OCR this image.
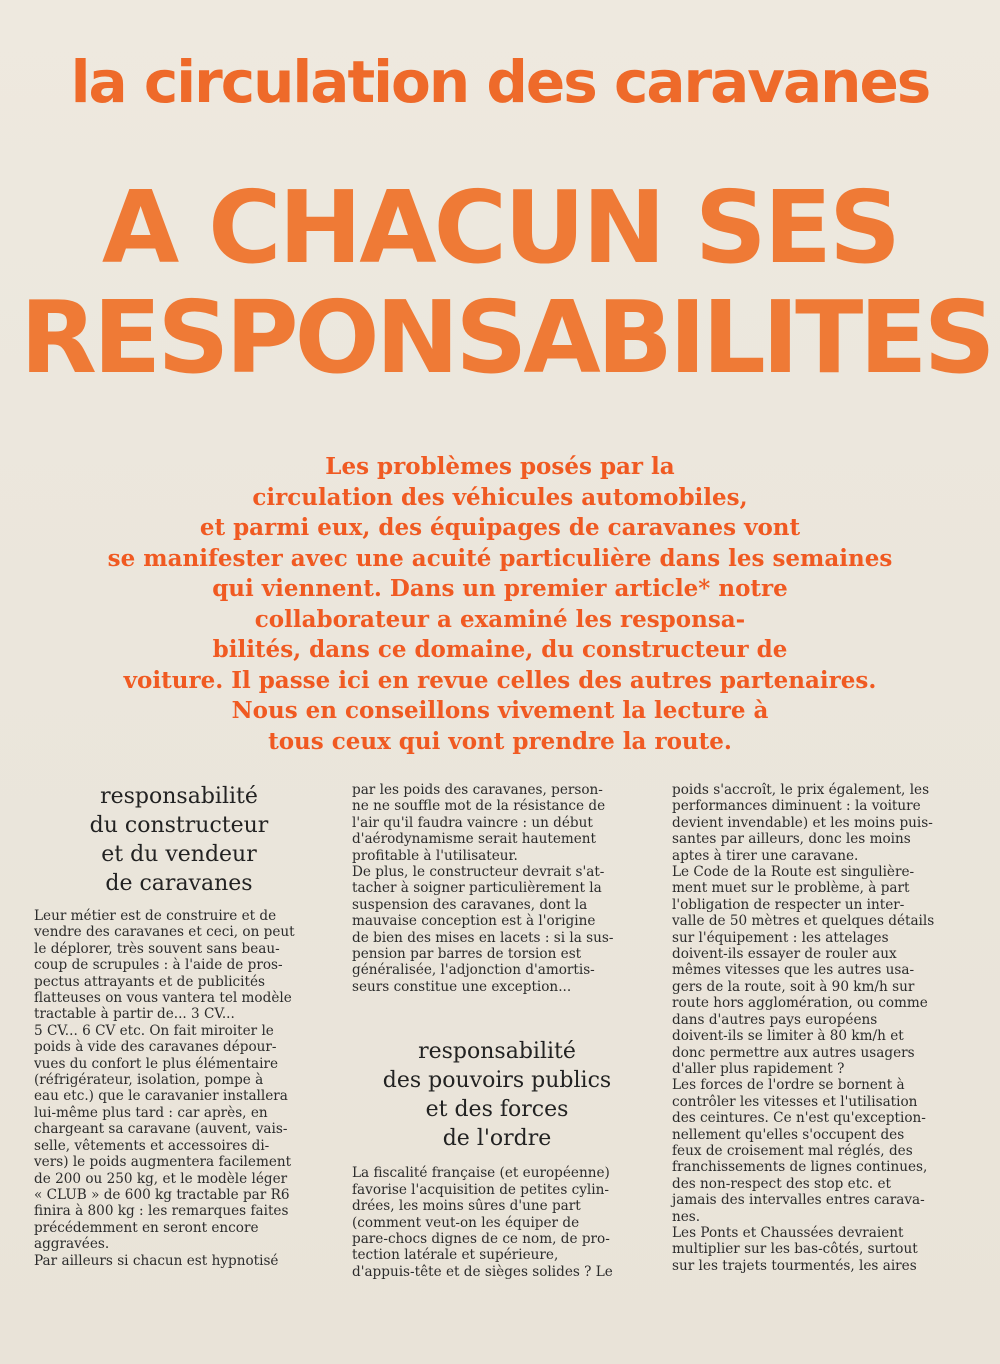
la circulation des caravanes
A CHACUN SES
RESPONSABILITES

Les problèmes posés par la

circulation des véhicules automobiles,

et parmi eux, des équipages de caravanes vont

se manifester avec une acuité particulière dans les semaines

qui viennent. Dans un premier article* notre

collaborateur a examiné les responsa-

bilités, dans ce domaine, du constructeur de

voiture. Il passe ici en revue celles des autres partenaires.

Nous en conseillons vivement la lecture à

tous ceux qui vont prendre la route.

responsabilité
du constructeur
et du vendeur
de caravanes

Leur métier est de construire et de

vendre des caravanes et ceci, on peut

le déplorer, très souvent sans beau-

coup de scrupules : à l'aide de pros-

pectus attrayants et de publicités

flatteuses on vous vantera tel modèle

tractable à partir de... 3 CV...

5 CV... 6 CV etc. On fait miroiter le

poids à vide des caravanes dépour-

vues du confort le plus élémentaire

(réfrigérateur, isolation, pompe à

eau etc.) que le caravanier installera

lui-même plus tard : car après, en

chargeant sa caravane (auvent, vais-

selle, vêtements et accessoires di-

vers) le poids augmentera facilement

de 200 ou 250 kg, et le modèle léger

« CLUB » de 600 kg tractable par R6

finira à 800 kg : les remarques faites

précédemment en seront encore

aggravées.

Par ailleurs si chacun est hypnotisé

par les poids des caravanes, person-

ne ne souffle mot de la résistance de

l'air qu'il faudra vaincre : un début

d'aérodynamisme serait hautement

profitable à l'utilisateur.

De plus, le constructeur devrait s'at-

tacher à soigner particulièrement la

suspension des caravanes, dont la

mauvaise conception est à l'origine

de bien des mises en lacets : si la sus-

pension par barres de torsion est

généralisée, l'adjonction d'amortis-

seurs constitue une exception...

responsabilité
des pouvoirs publics
et des forces
de l'ordre

La fiscalité française (et européenne)

favorise l'acquisition de petites cylin-

drées, les moins sûres d'une part

(comment veut-on les équiper de

pare-chocs dignes de ce nom, de pro-

tection latérale et supérieure,

d'appuis-tête et de sièges solides ? Le

poids s'accroît, le prix également, les

performances diminuent : la voiture

devient invendable) et les moins puis-

santes par ailleurs, donc les moins

aptes à tirer une caravane.

Le Code de la Route est singulière-

ment muet sur le problème, à part

l'obligation de respecter un inter-

valle de 50 mètres et quelques détails

sur l'équipement : les attelages

doivent-ils essayer de rouler aux

mêmes vitesses que les autres usa-

gers de la route, soit à 90 km/h sur

route hors agglomération, ou comme

dans d'autres pays européens

doivent-ils se limiter à 80 km/h et

donc permettre aux autres usagers

d'aller plus rapidement ?

Les forces de l'ordre se bornent à

contrôler les vitesses et l'utilisation

des ceintures. Ce n'est qu'exception-

nellement qu'elles s'occupent des

feux de croisement mal réglés, des

franchissements de lignes continues,

des non-respect des stop etc. et

jamais des intervalles entres carava-

nes.

Les Ponts et Chaussées devraient

multiplier sur les bas-côtés, surtout

sur les trajets tourmentés, les aires
